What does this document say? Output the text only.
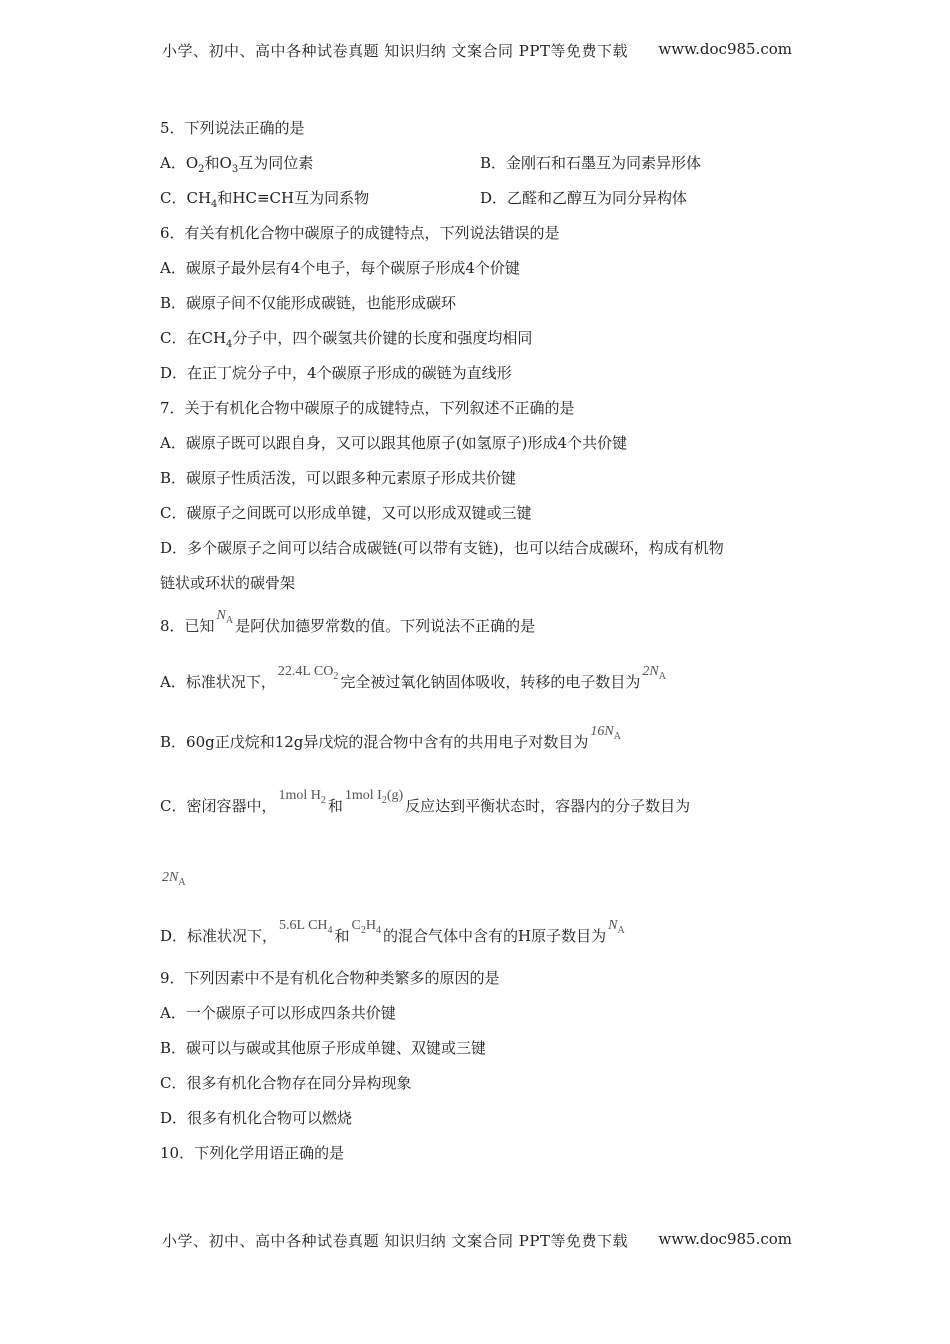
小学、初中、高中各种试卷真题 知识归纳 文案合同 PPT等免费下载 www.doc985.com
5．下列说法正确的是
A．$O_2$和$O_3$互为同位素	B．金刚石和石墨互为同素异形体
C．$CH_4$和HC≡CH互为同系物	D．乙醛和乙醇互为同分异构体
6．有关有机化合物中碳原子的成键特点，下列说法错误的是
A．碳原子最外层有4个电子，每个碳原子形成4个价键
B．碳原子间不仅能形成碳链，也能形成碳环
C．在$CH_4$分子中，四个碳氢共价键的长度和强度均相同
D．在正丁烷分子中，4个碳原子形成的碳链为直线形
7．关于有机化合物中碳原子的成键特点，下列叙述不正确的是
A．碳原子既可以跟自身，又可以跟其他原子(如氢原子)形成4个共价键
B．碳原子性质活泼，可以跟多种元素原子形成共价键
C．碳原子之间既可以形成单键，又可以形成双键或三键
D．多个碳原子之间可以结合成碳链(可以带有支链)，也可以结合成碳环，构成有机物
链状或环状的碳骨架
8．已知$N_A$ 是阿伏加德罗常数的值。下列说法不正确的是
A．标准状况下，22.4L $CO_2$ 完全被过氧化钠固体吸收，转移的电子数目为$2N_A$
B．60g正戊烷和12g异戊烷的混合物中含有的共用电子对数目为$16N_A$
C．密闭容器中，1mol $H_2$ 和1mol $I_2(g)$反应达到平衡状态时，容器内的分子数目为
$2N_A$
D．标准状况下，5.6L $CH_4$ 和$C_2H_4$ 的混合气体中含有的H原子数目为$N_A$
9．下列因素中不是有机化合物种类繁多的原因的是
A．一个碳原子可以形成四条共价键
B．碳可以与碳或其他原子形成单键、双键或三键
C．很多有机化合物存在同分异构现象
D．很多有机化合物可以燃烧
10．下列化学用语正确的是
小学、初中、高中各种试卷真题 知识归纳 文案合同 PPT等免费下载 www.doc985.com
